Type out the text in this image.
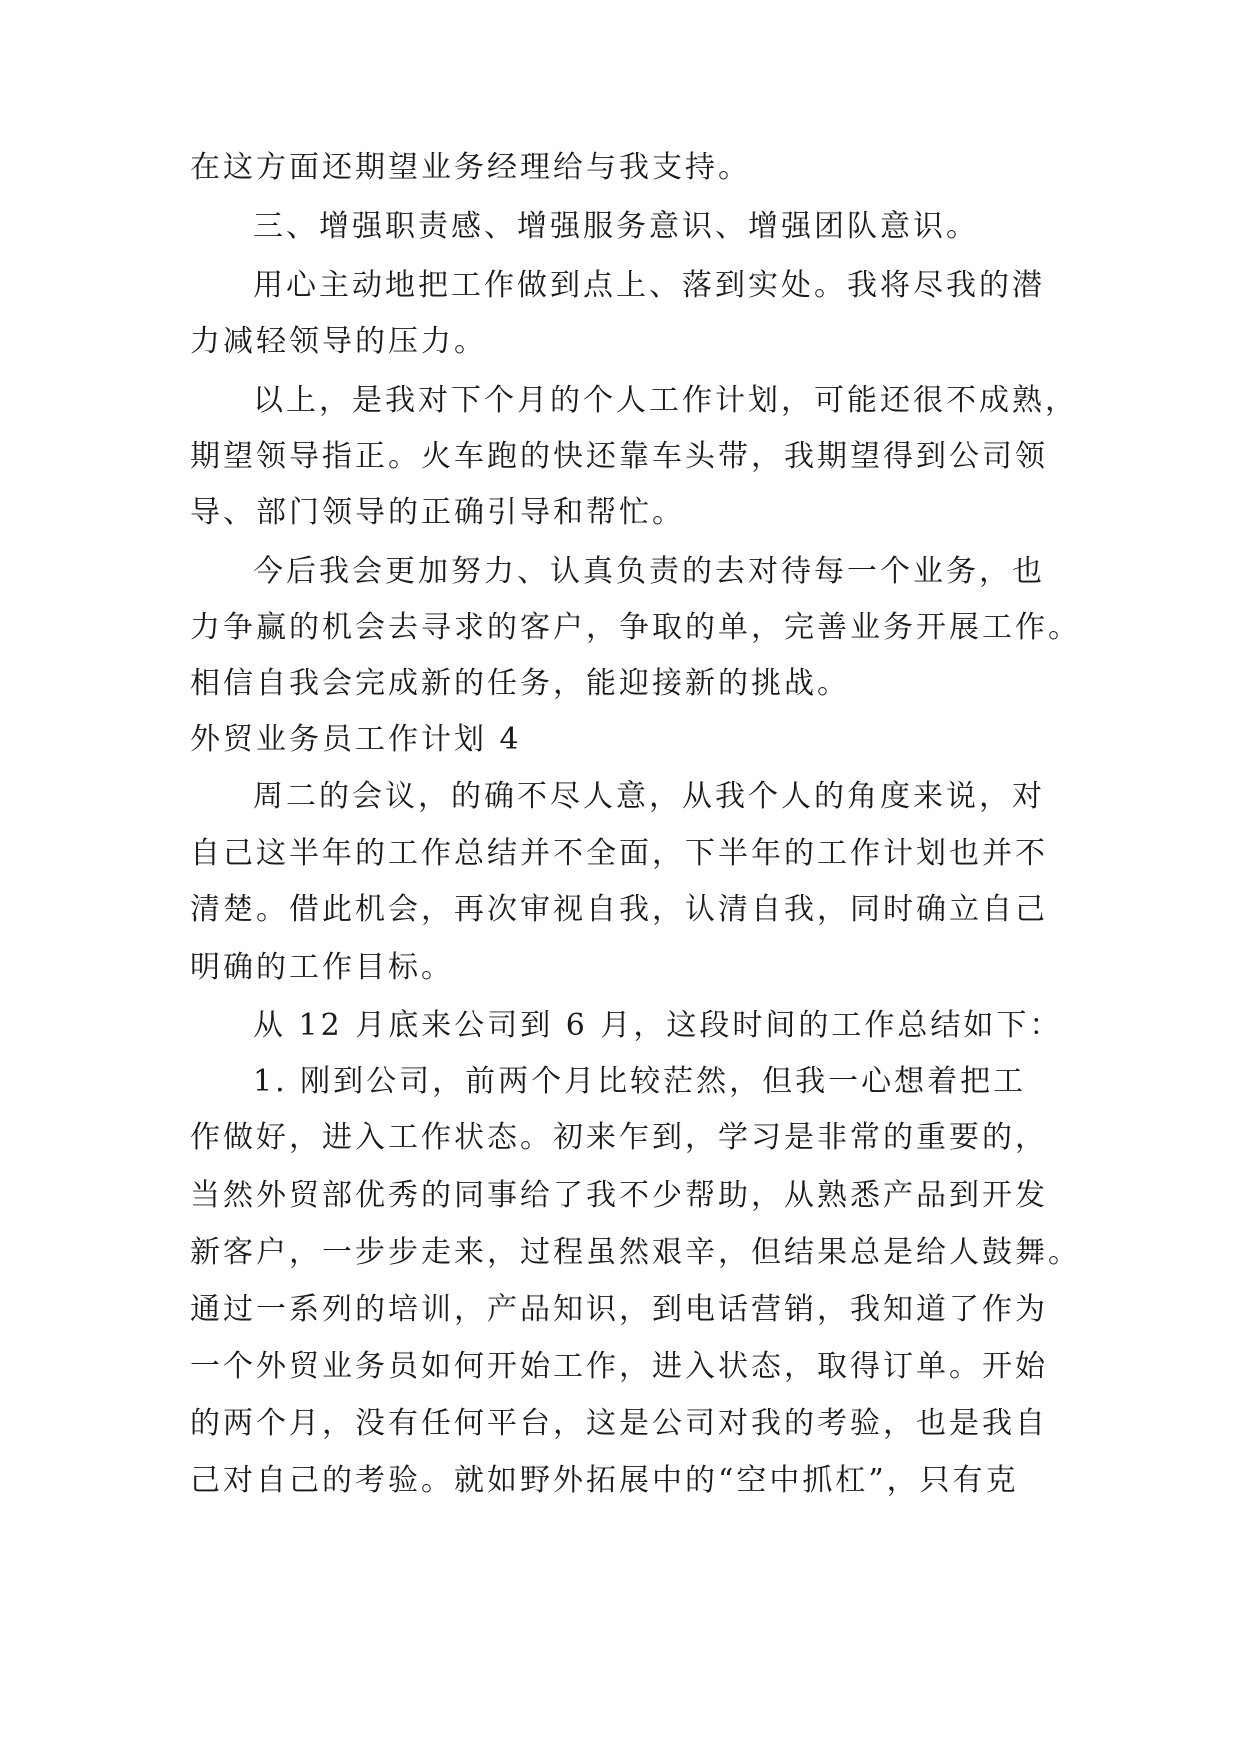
在这方面还期望业务经理给与我支持。
三、增强职责感、增强服务意识、增强团队意识。
用心主动地把工作做到点上、落到实处。我将尽我的潜
力减轻领导的压力。
以上，是我对下个月的个人工作计划，可能还很不成熟，
期望领导指正。火车跑的快还靠车头带，我期望得到公司领
导、部门领导的正确引导和帮忙。
今后我会更加努力、认真负责的去对待每一个业务，也
力争赢的机会去寻求的客户，争取的单，完善业务开展工作。
相信自我会完成新的任务，能迎接新的挑战。
外贸业务员工作计划 4
周二的会议，的确不尽人意，从我个人的角度来说，对
自己这半年的工作总结并不全面，下半年的工作计划也并不
清楚。借此机会，再次审视自我，认清自我，同时确立自己
明确的工作目标。
从 12 月底来公司到 6 月，这段时间的工作总结如下：
1. 刚到公司，前两个月比较茫然，但我一心想着把工
作做好，进入工作状态。初来乍到，学习是非常的重要的，
当然外贸部优秀的同事给了我不少帮助，从熟悉产品到开发
新客户，一步步走来，过程虽然艰辛，但结果总是给人鼓舞。
通过一系列的培训，产品知识，到电话营销，我知道了作为
一个外贸业务员如何开始工作，进入状态，取得订单。开始
的两个月，没有任何平台，这是公司对我的考验，也是我自
己对自己的考验。就如野外拓展中的“空中抓杠”，只有克
